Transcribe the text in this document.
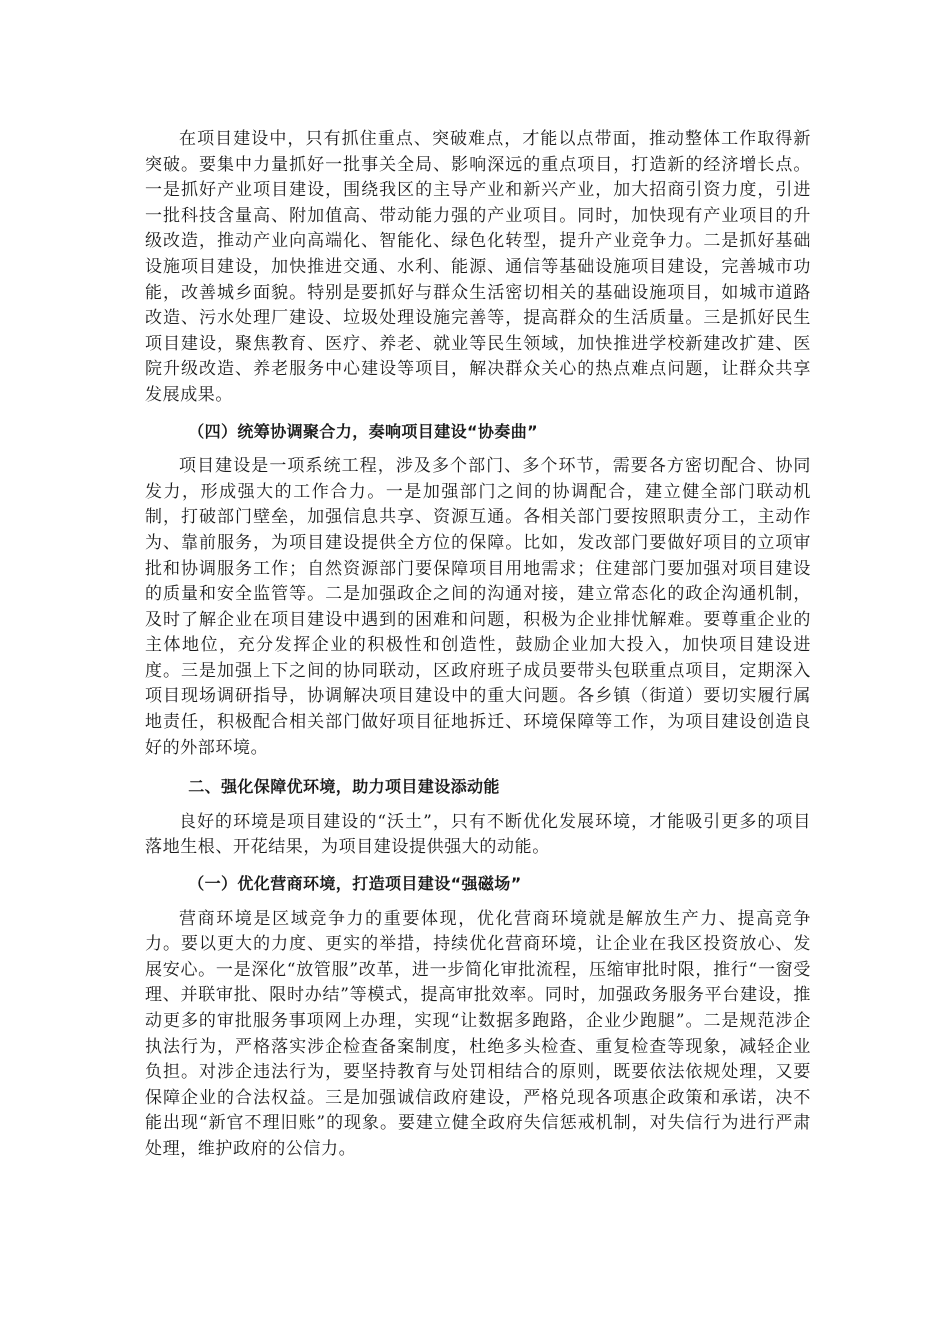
在项目建设中，只有抓住重点、突破难点，才能以点带面，推动整体工作取得新突破。要集中力量抓好一批事关全局、影响深远的重点项目，打造新的经济增长点。一是抓好产业项目建设，围绕我区的主导产业和新兴产业，加大招商引资力度，引进一批科技含量高、附加值高、带动能力强的产业项目。同时，加快现有产业项目的升级改造，推动产业向高端化、智能化、绿色化转型，提升产业竞争力。二是抓好基础设施项目建设，加快推进交通、水利、能源、通信等基础设施项目建设，完善城市功能，改善城乡面貌。特别是要抓好与群众生活密切相关的基础设施项目，如城市道路改造、污水处理厂建设、垃圾处理设施完善等，提高群众的生活质量。三是抓好民生项目建设，聚焦教育、医疗、养老、就业等民生领域，加快推进学校新建改扩建、医院升级改造、养老服务中心建设等项目，解决群众关心的热点难点问题，让群众共享发展成果。

（四）统筹协调聚合力，奏响项目建设“协奏曲”

项目建设是一项系统工程，涉及多个部门、多个环节，需要各方密切配合、协同发力，形成强大的工作合力。一是加强部门之间的协调配合，建立健全部门联动机制，打破部门壁垒，加强信息共享、资源互通。各相关部门要按照职责分工，主动作为、靠前服务，为项目建设提供全方位的保障。比如，发改部门要做好项目的立项审批和协调服务工作；自然资源部门要保障项目用地需求；住建部门要加强对项目建设的质量和安全监管等。二是加强政企之间的沟通对接，建立常态化的政企沟通机制，及时了解企业在项目建设中遇到的困难和问题，积极为企业排忧解难。要尊重企业的主体地位，充分发挥企业的积极性和创造性，鼓励企业加大投入，加快项目建设进度。三是加强上下之间的协同联动，区政府班子成员要带头包联重点项目，定期深入项目现场调研指导，协调解决项目建设中的重大问题。各乡镇（街道）要切实履行属地责任，积极配合相关部门做好项目征地拆迁、环境保障等工作，为项目建设创造良好的外部环境。

二、强化保障优环境，助力项目建设添动能

良好的环境是项目建设的“沃土”，只有不断优化发展环境，才能吸引更多的项目落地生根、开花结果，为项目建设提供强大的动能。

（一）优化营商环境，打造项目建设“强磁场”

营商环境是区域竞争力的重要体现，优化营商环境就是解放生产力、提高竞争力。要以更大的力度、更实的举措，持续优化营商环境，让企业在我区投资放心、发展安心。一是深化“放管服”改革，进一步简化审批流程，压缩审批时限，推行“一窗受理、并联审批、限时办结”等模式，提高审批效率。同时，加强政务服务平台建设，推动更多的审批服务事项网上办理，实现“让数据多跑路，企业少跑腿”。二是规范涉企执法行为，严格落实涉企检查备案制度，杜绝多头检查、重复检查等现象，减轻企业负担。对涉企违法行为，要坚持教育与处罚相结合的原则，既要依法依规处理，又要保障企业的合法权益。三是加强诚信政府建设，严格兑现各项惠企政策和承诺，决不能出现“新官不理旧账”的现象。要建立健全政府失信惩戒机制，对失信行为进行严肃处理，维护政府的公信力。
